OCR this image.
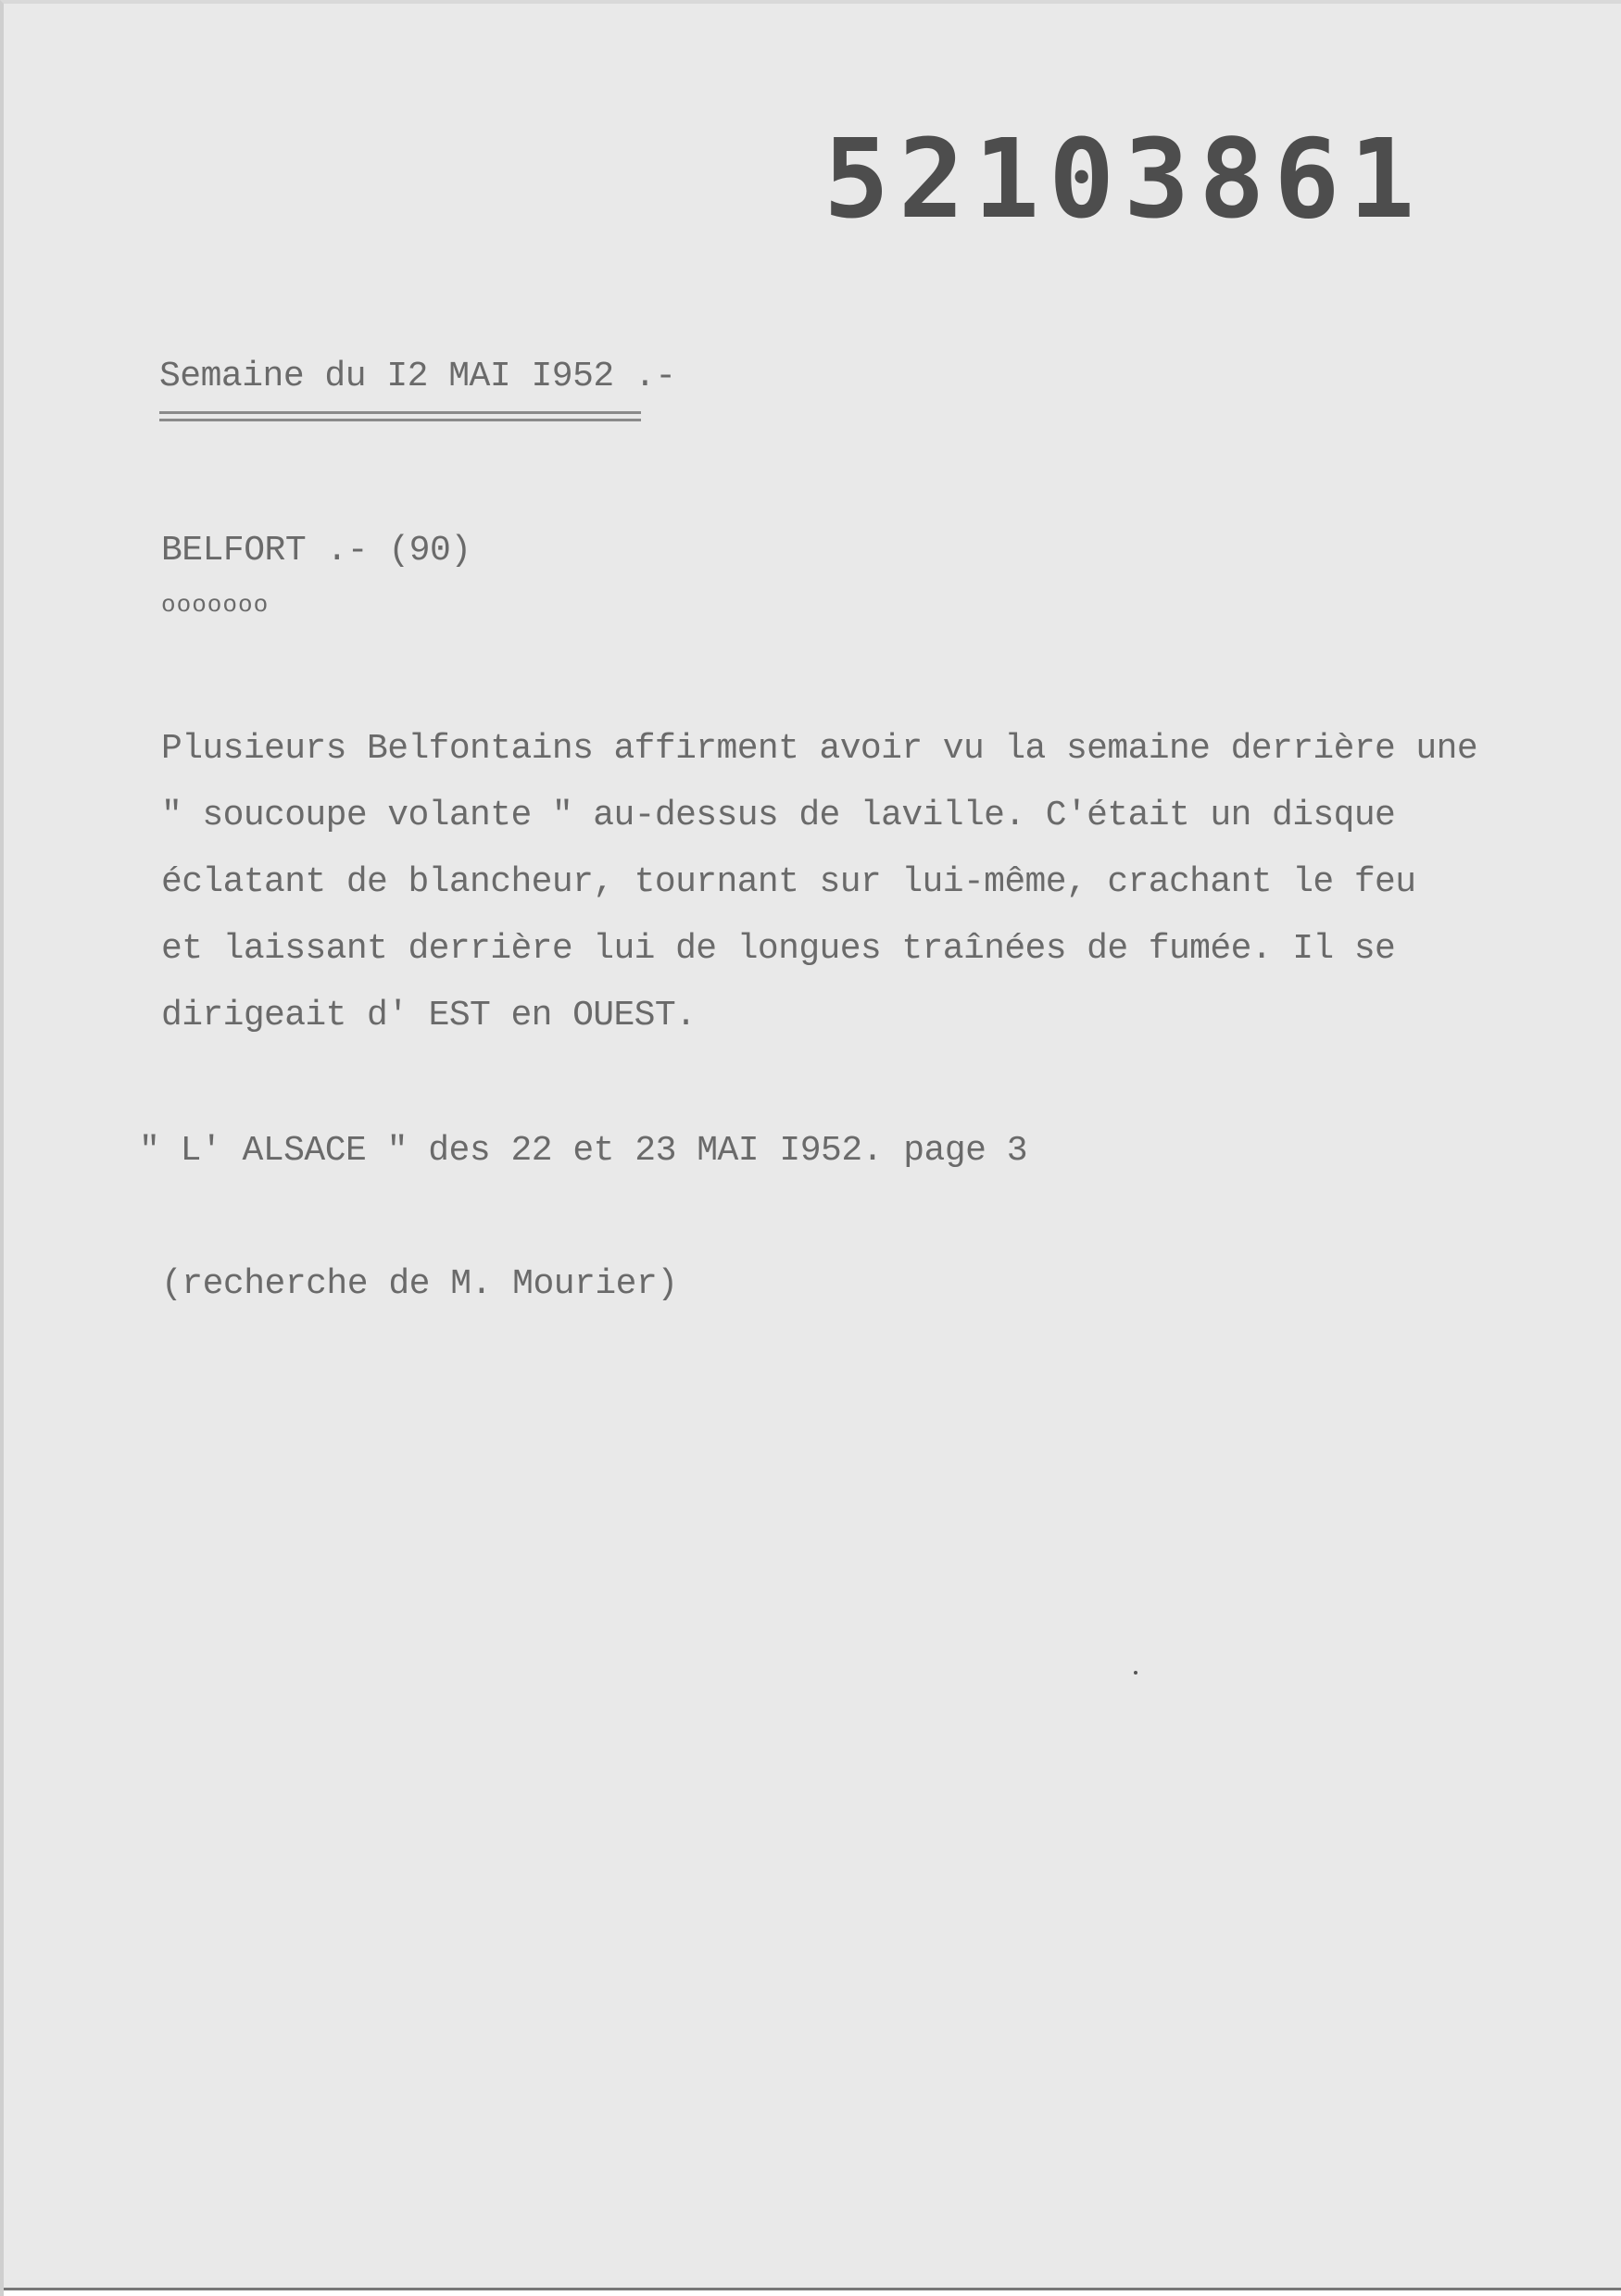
52103861
Semaine du I2 MAI I952 .-
BELFORT .- (90)
ooooooo
Plusieurs Belfontains affirment avoir vu la semaine derrière une
" soucoupe volante " au-dessus de laville. C'était un disque
éclatant de blancheur, tournant sur lui-même, crachant le feu
et laissant derrière lui de longues traînées de fumée. Il se
dirigeait d' EST en OUEST.
" L' ALSACE " des 22 et 23 MAI I952. page 3
(recherche de M. Mourier)
